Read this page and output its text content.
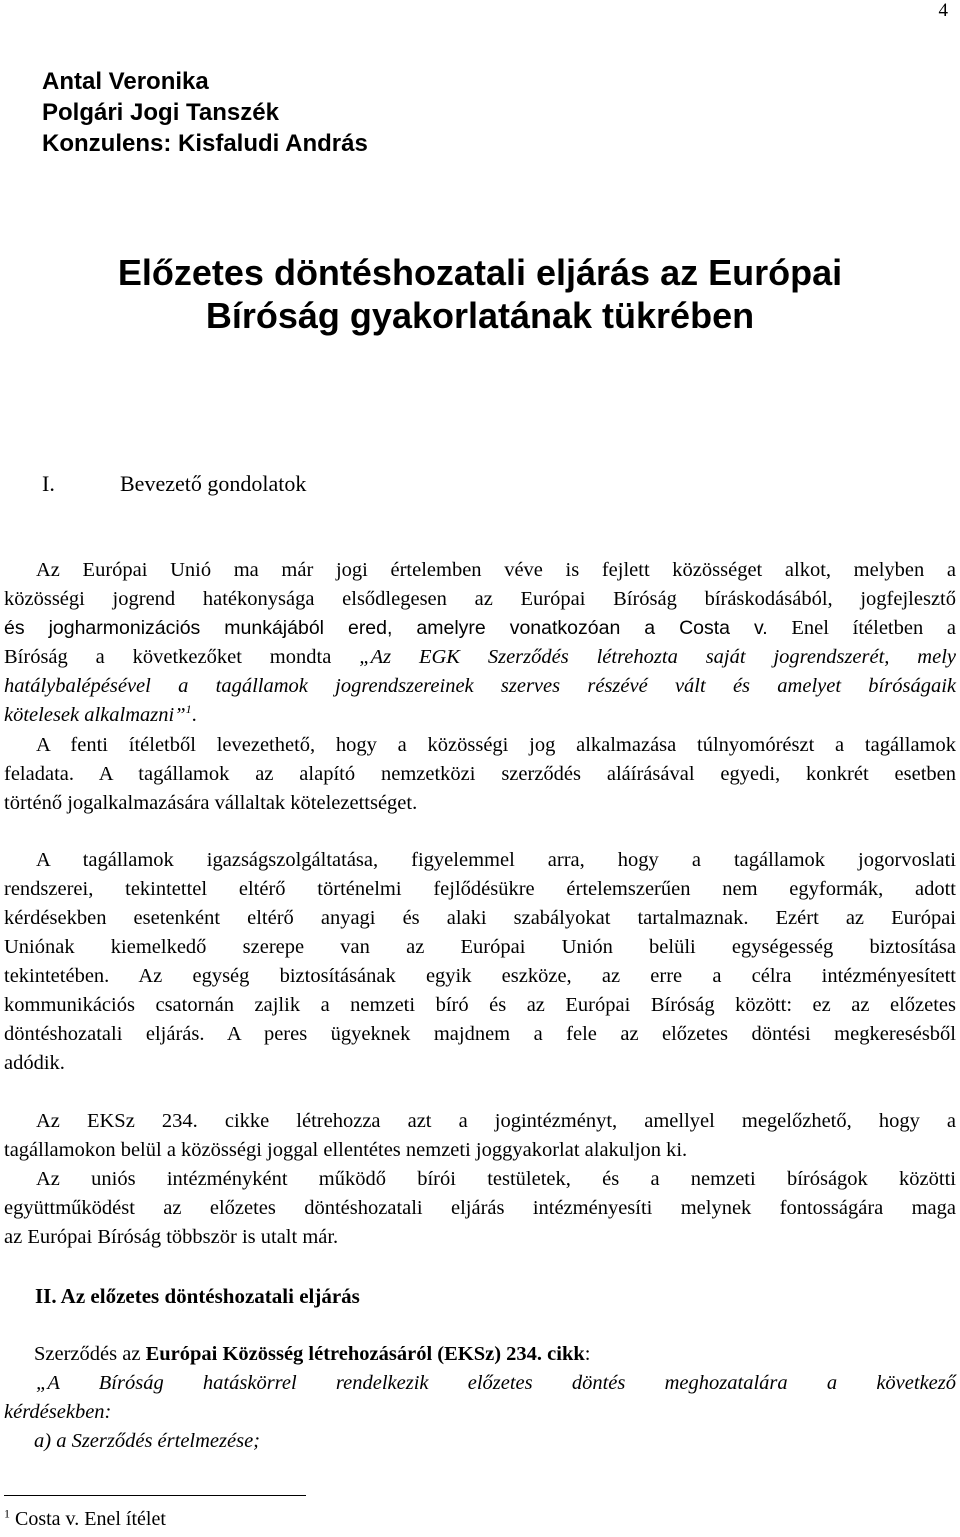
4
Antal Veronika
Polgári Jogi Tanszék
Konzulens: Kisfaludi András
Előzetes döntéshozatali eljárás az Európai
Bíróság gyakorlatának tükrében
I.	Bevezető gondolatok
Az Európai Unió ma már jogi értelemben véve is fejlett közösséget alkot, melyben a
közösségi jogrend hatékonysága elsődlegesen az Európai Bíróság bíráskodásából, jogfejlesztő
és jogharmonizációs munkájából ered, amelyre vonatkozóan a Costa v. Enel ítéletben a
Bíróság a következőket mondta „Az EGK Szerződés létrehozta saját jogrendszerét, mely
hatálybalépésével a tagállamok jogrendszereinek szerves részévé vált és amelyet bíróságaik
kötelesek alkalmazni”$^1$.
A fenti ítéletből levezethető, hogy a közösségi jog alkalmazása túlnyomórészt a tagállamok
feladata. A tagállamok az alapító nemzetközi szerződés aláírásával egyedi, konkrét esetben
történő jogalkalmazására vállaltak kötelezettséget.
A tagállamok igazságszolgáltatása, figyelemmel arra, hogy a tagállamok jogorvoslati
rendszerei, tekintettel eltérő történelmi fejlődésükre értelemszerűen nem egyformák, adott
kérdésekben esetenként eltérő anyagi és alaki szabályokat tartalmaznak. Ezért az Európai
Uniónak kiemelkedő szerepe van az Európai Unión belüli egységesség biztosítása
tekintetében. Az egység biztosításának egyik eszköze, az erre a célra intézményesített
kommunikációs csatornán zajlik a nemzeti bíró és az Európai Bíróság között: ez az előzetes
döntéshozatali eljárás. A peres ügyeknek majdnem a fele az előzetes döntési megkeresésből
adódik.
Az EKSz 234. cikke létrehozza azt a jogintézményt, amellyel megelőzhető, hogy a
tagállamokon belül a közösségi joggal ellentétes nemzeti joggyakorlat alakuljon ki.
Az uniós intézményként működő bírói testületek, és a nemzeti bíróságok közötti
együttműködést az előzetes döntéshozatali eljárás intézményesíti melynek fontosságára maga
az Európai Bíróság többször is utalt már.
II. Az előzetes döntéshozatali eljárás
Szerződés az Európai Közösség létrehozásáról (EKSz) 234. cikk:
„A Bíróság hatáskörrel rendelkezik előzetes döntés meghozatalára a következő
kérdésekben:
a) a Szerződés értelmezése;
$^1$ Costa v. Enel ítélet
